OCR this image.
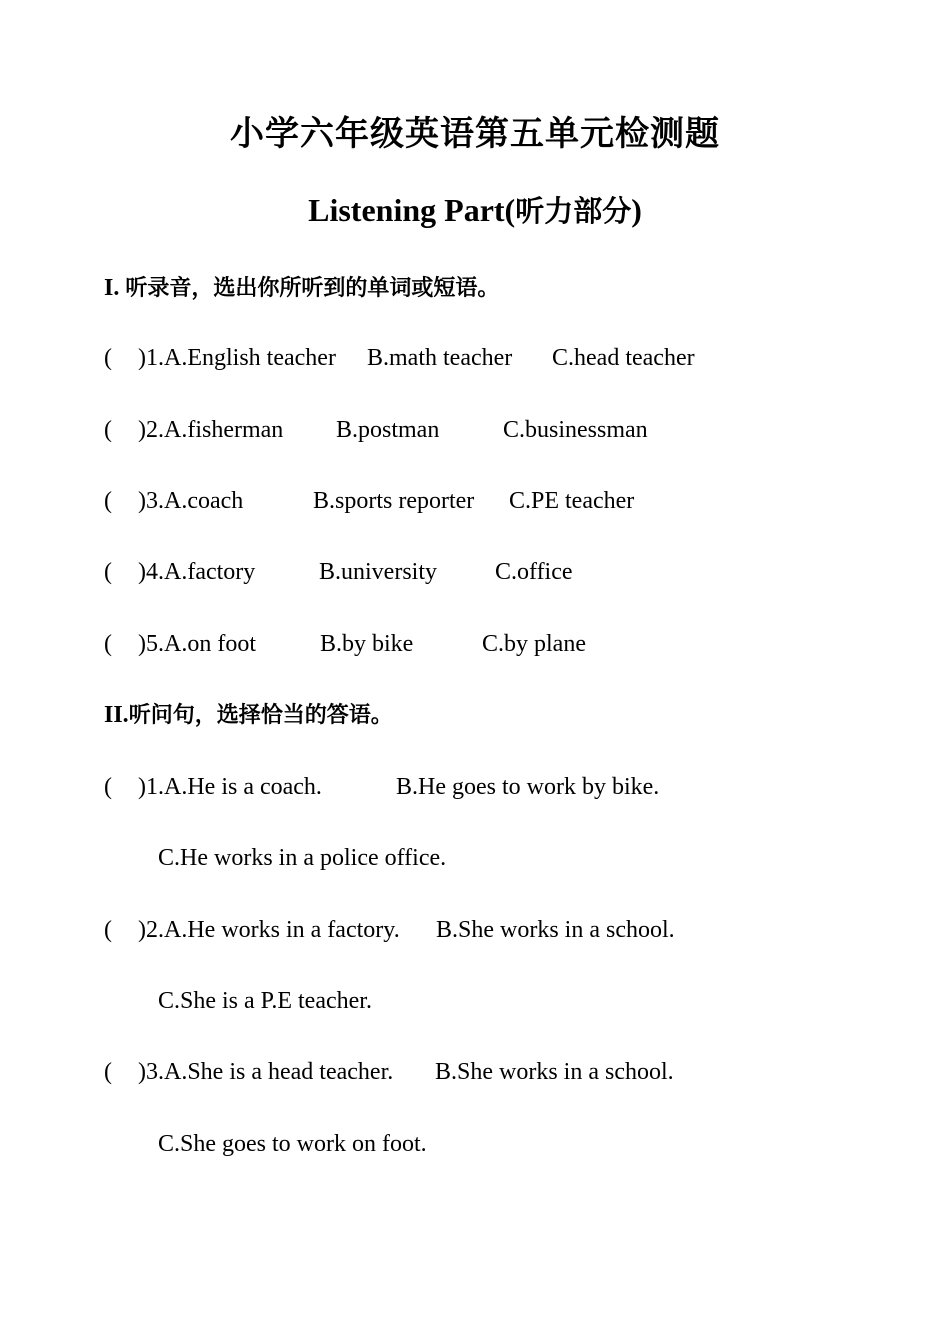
小学六年级英语第五单元检测题
Listening Part(听力部分)
I. 听录音，选出你所听到的单词或短语。
( )1. A.English teacher B.math teacher C.head teacher
( )2. A.fisherman B.postman	C.businessman
( )3. A.coach	B.sports reporter C.PE teacher
( )4. A.factory	B.university C.office
( )5. A.on foot	B.by bike	C.by plane
II.听问句，选择恰当的答语。
( )1. A.He is a coach.	B.He goes to work by bike.
C.He works in a police office.
( )2. A.He works in a factory. B.She works in a school.
C.She is a P.E teacher.
( )3. A.She is a head teacher. B.She works in a school.
C.She goes to work on foot.
